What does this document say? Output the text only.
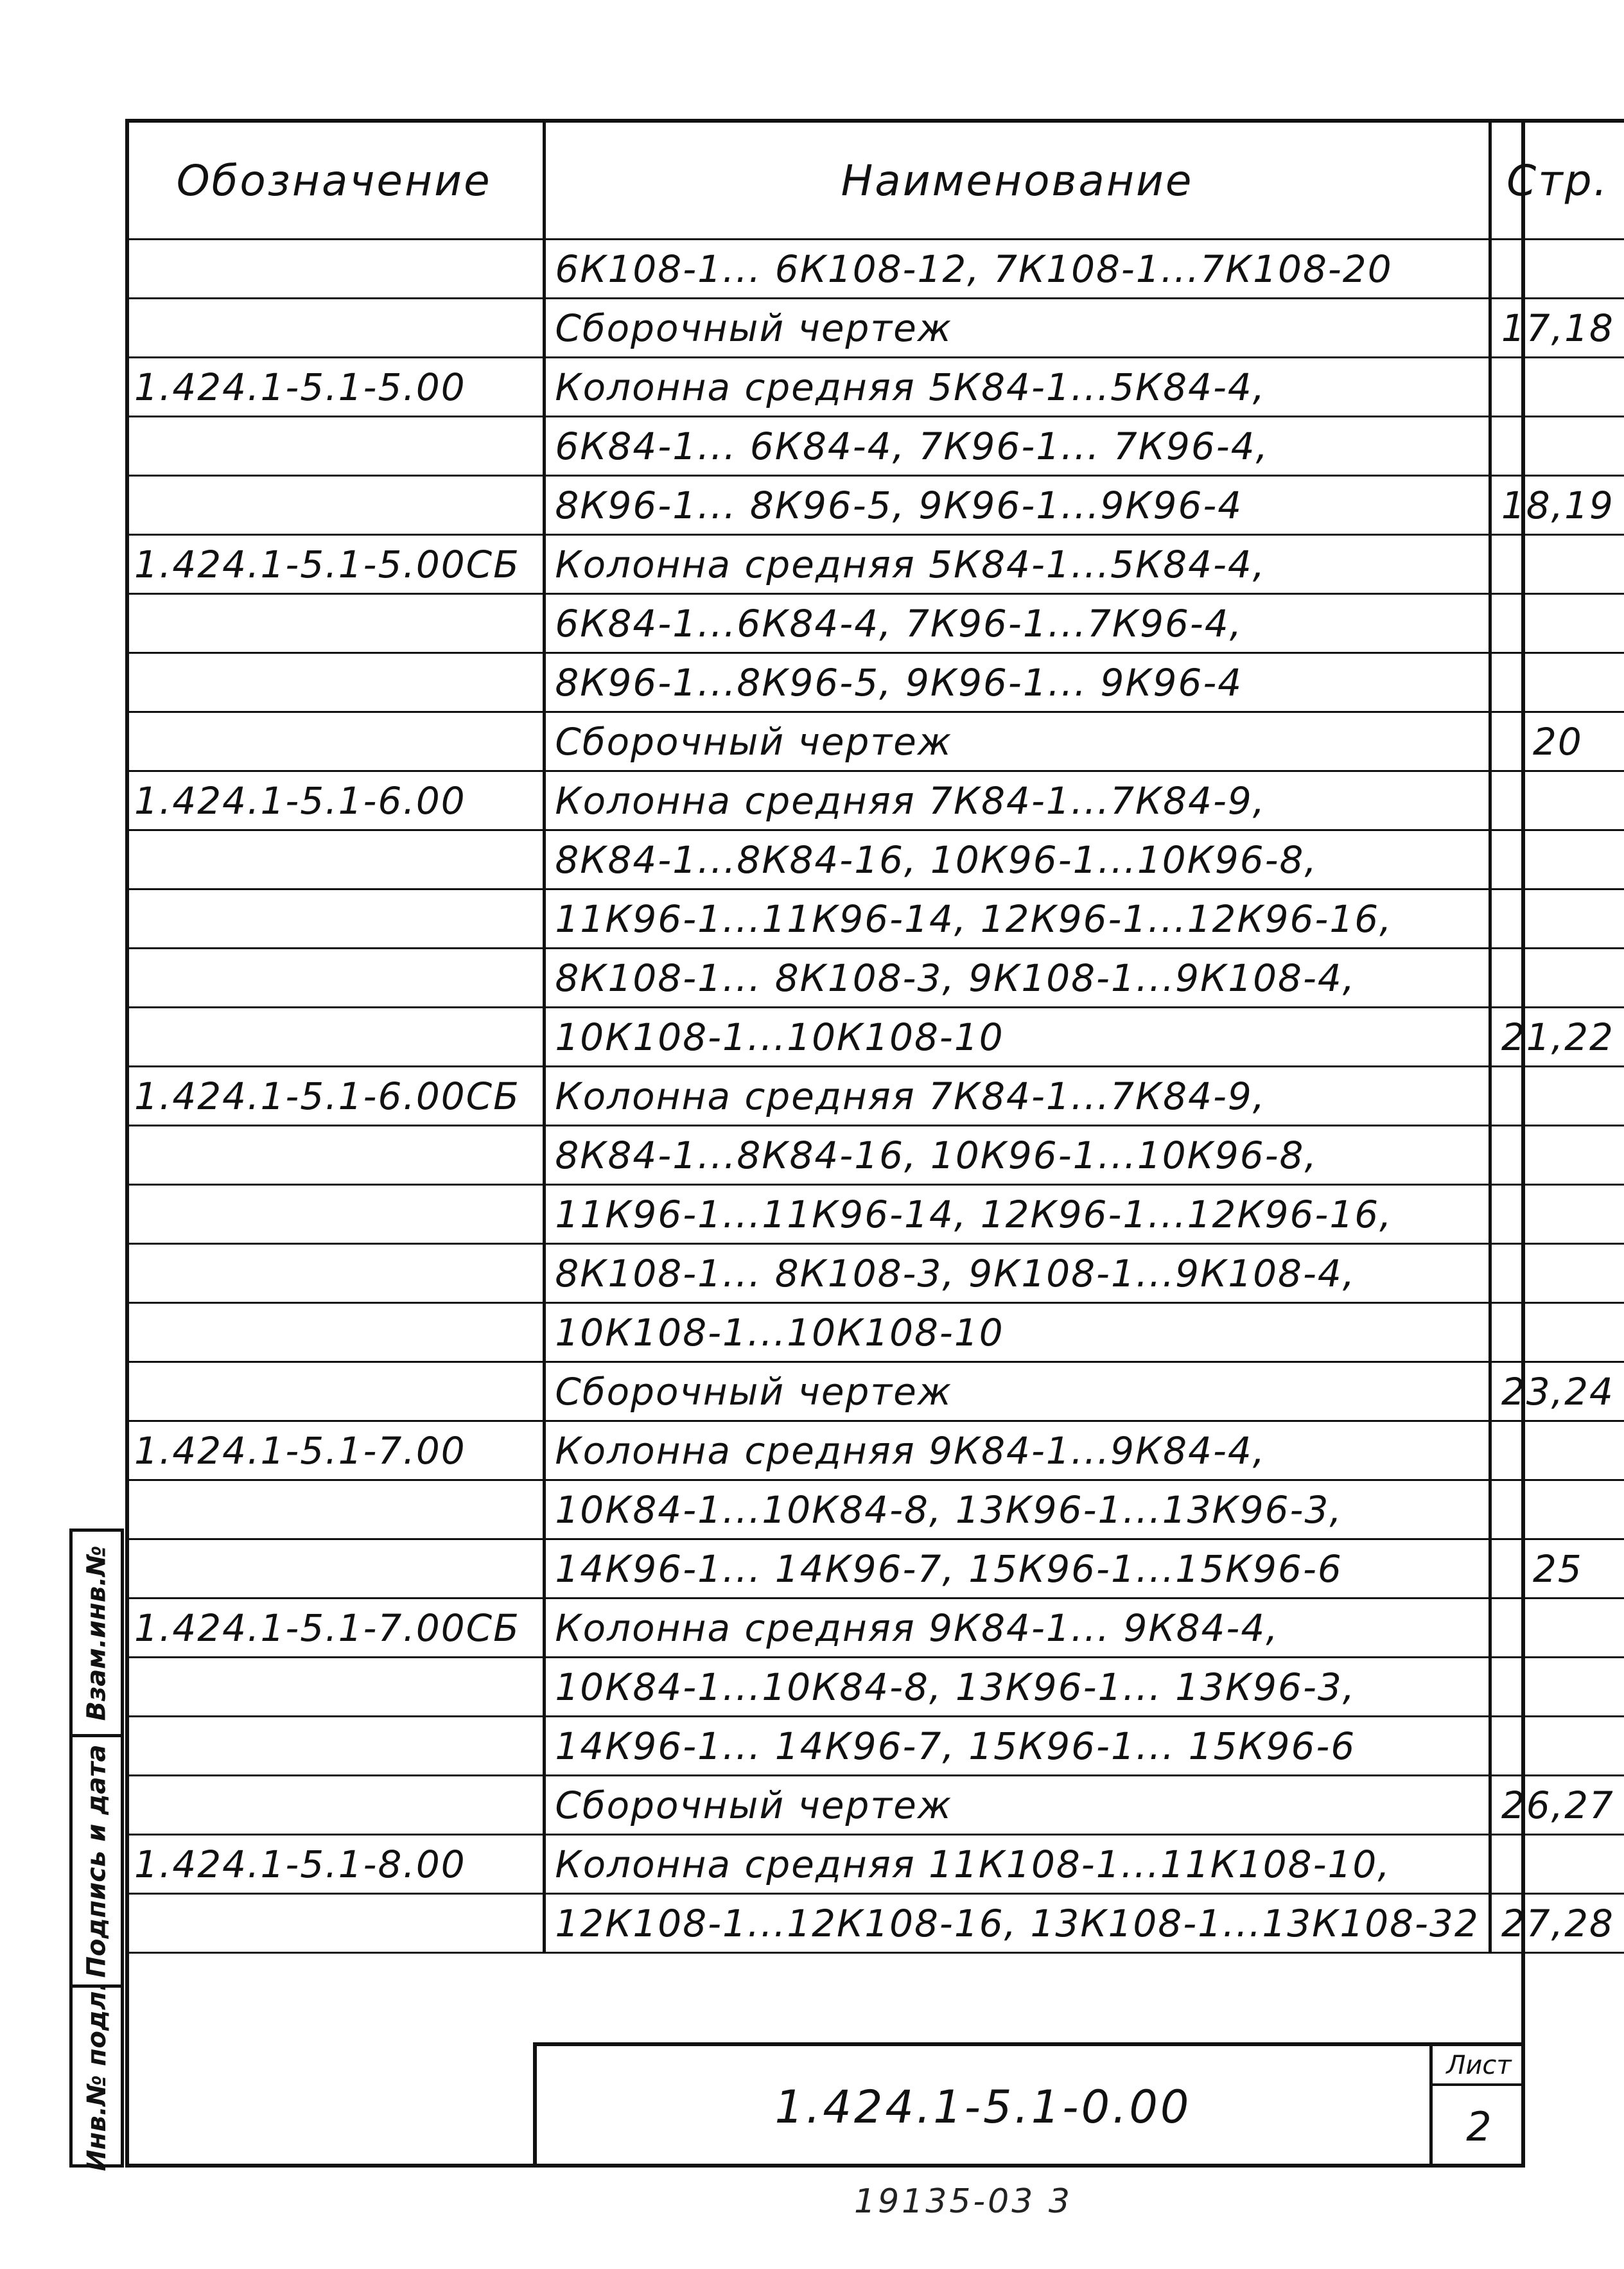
Обозначение	Наименование	Стр.
	6К108-1... 6К108-12, 7К108-1...7К108-20	
	Сборочный чертеж	17,18
1.424.1-5.1-5.00	Колонна средняя 5К84-1...5К84-4,	
	6К84-1... 6К84-4, 7К96-1... 7К96-4,	
	8К96-1... 8К96-5, 9К96-1...9К96-4	18,19
1.424.1-5.1-5.00СБ	Колонна средняя 5К84-1...5К84-4,	
	6К84-1...6К84-4, 7К96-1...7К96-4,	
	8К96-1...8К96-5, 9К96-1... 9К96-4	
	Сборочный чертеж	20
1.424.1-5.1-6.00	Колонна средняя 7К84-1...7К84-9,	
	8К84-1...8К84-16, 10К96-1...10К96-8,	
	11К96-1...11К96-14, 12К96-1...12К96-16,	
	8К108-1... 8К108-3, 9К108-1...9К108-4,	
	10К108-1...10К108-10	21,22
1.424.1-5.1-6.00СБ	Колонна средняя 7К84-1...7К84-9,	
	8К84-1...8К84-16, 10К96-1...10К96-8,	
	11К96-1...11К96-14, 12К96-1...12К96-16,	
	8К108-1... 8К108-3, 9К108-1...9К108-4,	
	10К108-1...10К108-10	
	Сборочный чертеж	23,24
1.424.1-5.1-7.00	Колонна средняя 9К84-1...9К84-4,	
	10К84-1...10К84-8, 13К96-1...13К96-3,	
	14К96-1... 14К96-7, 15К96-1...15К96-6	25
1.424.1-5.1-7.00СБ	Колонна средняя 9К84-1... 9К84-4,	
	10К84-1...10К84-8, 13К96-1... 13К96-3,	
	14К96-1... 14К96-7, 15К96-1... 15К96-6	
	Сборочный чертеж	26,27
1.424.1-5.1-8.00	Колонна средняя 11К108-1...11К108-10,	
	12К108-1...12К108-16, 13К108-1...13К108-32	27,28
1.424.1-5.1-0.00
Лист
2
19135-03 3
Взам.инв.№
Подпись и дата
Инв.№ подл.
